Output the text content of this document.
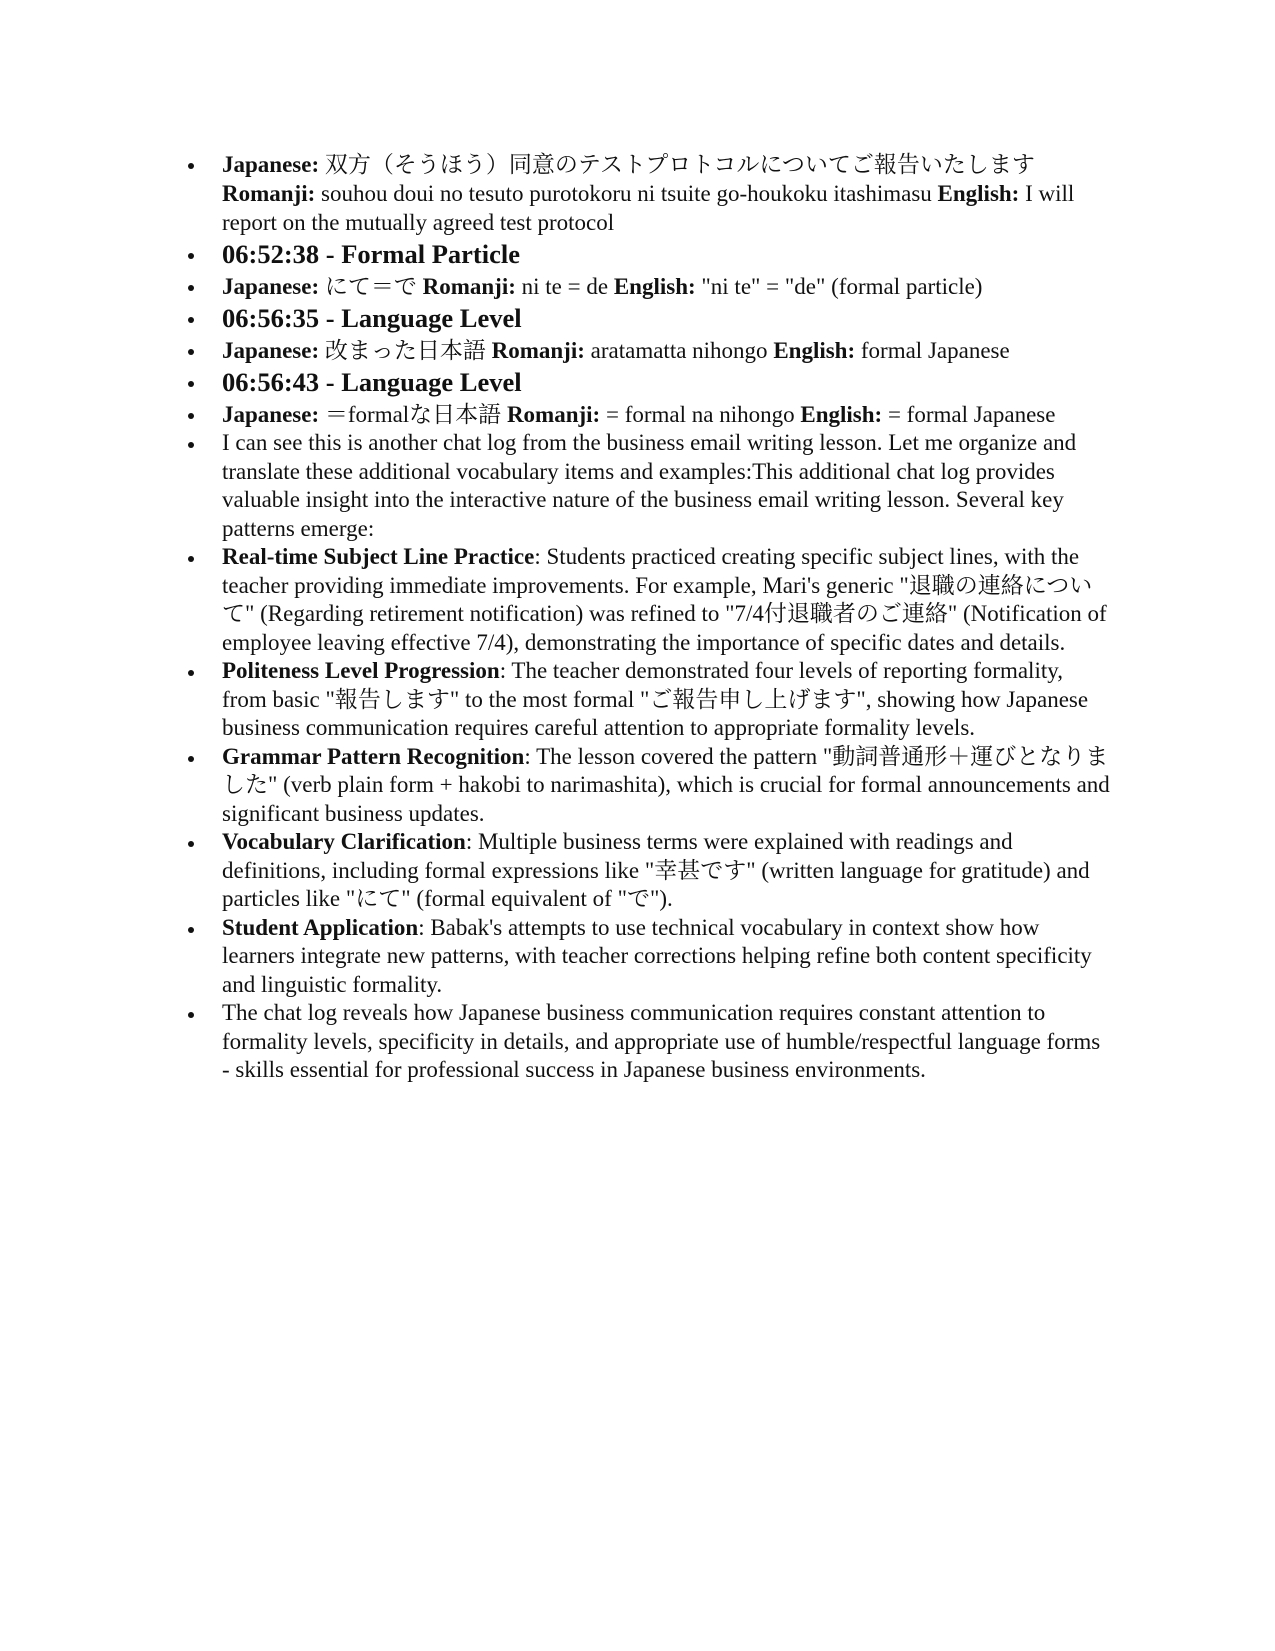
Japanese: 双方（そうほう）同意のテストプロトコルについてご報告いたします Romanji: souhou doui no tesuto purotokoru ni tsuite go-houkoku itashimasu English: I will report on the mutually agreed test protocol
06:52:38 - Formal Particle
Japanese: にて＝で Romanji: ni te = de English: "ni te" = "de" (formal particle)
06:56:35 - Language Level
Japanese: 改まった日本語 Romanji: aratamatta nihongo English: formal Japanese
06:56:43 - Language Level
Japanese: ＝formalな日本語 Romanji: = formal na nihongo English: = formal Japanese
I can see this is another chat log from the business email writing lesson. Let me organize and translate these additional vocabulary items and examples:This additional chat log provides valuable insight into the interactive nature of the business email writing lesson. Several key patterns emerge:
Real-time Subject Line Practice: Students practiced creating specific subject lines, with the teacher providing immediate improvements. For example, Mari's generic "退職の連絡について" (Regarding retirement notification) was refined to "7/4付退職者のご連絡" (Notification of employee leaving effective 7/4), demonstrating the importance of specific dates and details.
Politeness Level Progression: The teacher demonstrated four levels of reporting formality, from basic "報告します" to the most formal "ご報告申し上げます", showing how Japanese business communication requires careful attention to appropriate formality levels.
Grammar Pattern Recognition: The lesson covered the pattern "動詞普通形＋運びとなりました" (verb plain form + hakobi to narimashita), which is crucial for formal announcements and significant business updates.
Vocabulary Clarification: Multiple business terms were explained with readings and definitions, including formal expressions like "幸甚です" (written language for gratitude) and particles like "にて" (formal equivalent of "で").
Student Application: Babak's attempts to use technical vocabulary in context show how learners integrate new patterns, with teacher corrections helping refine both content specificity and linguistic formality.
The chat log reveals how Japanese business communication requires constant attention to formality levels, specificity in details, and appropriate use of humble/respectful language forms - skills essential for professional success in Japanese business environments.
